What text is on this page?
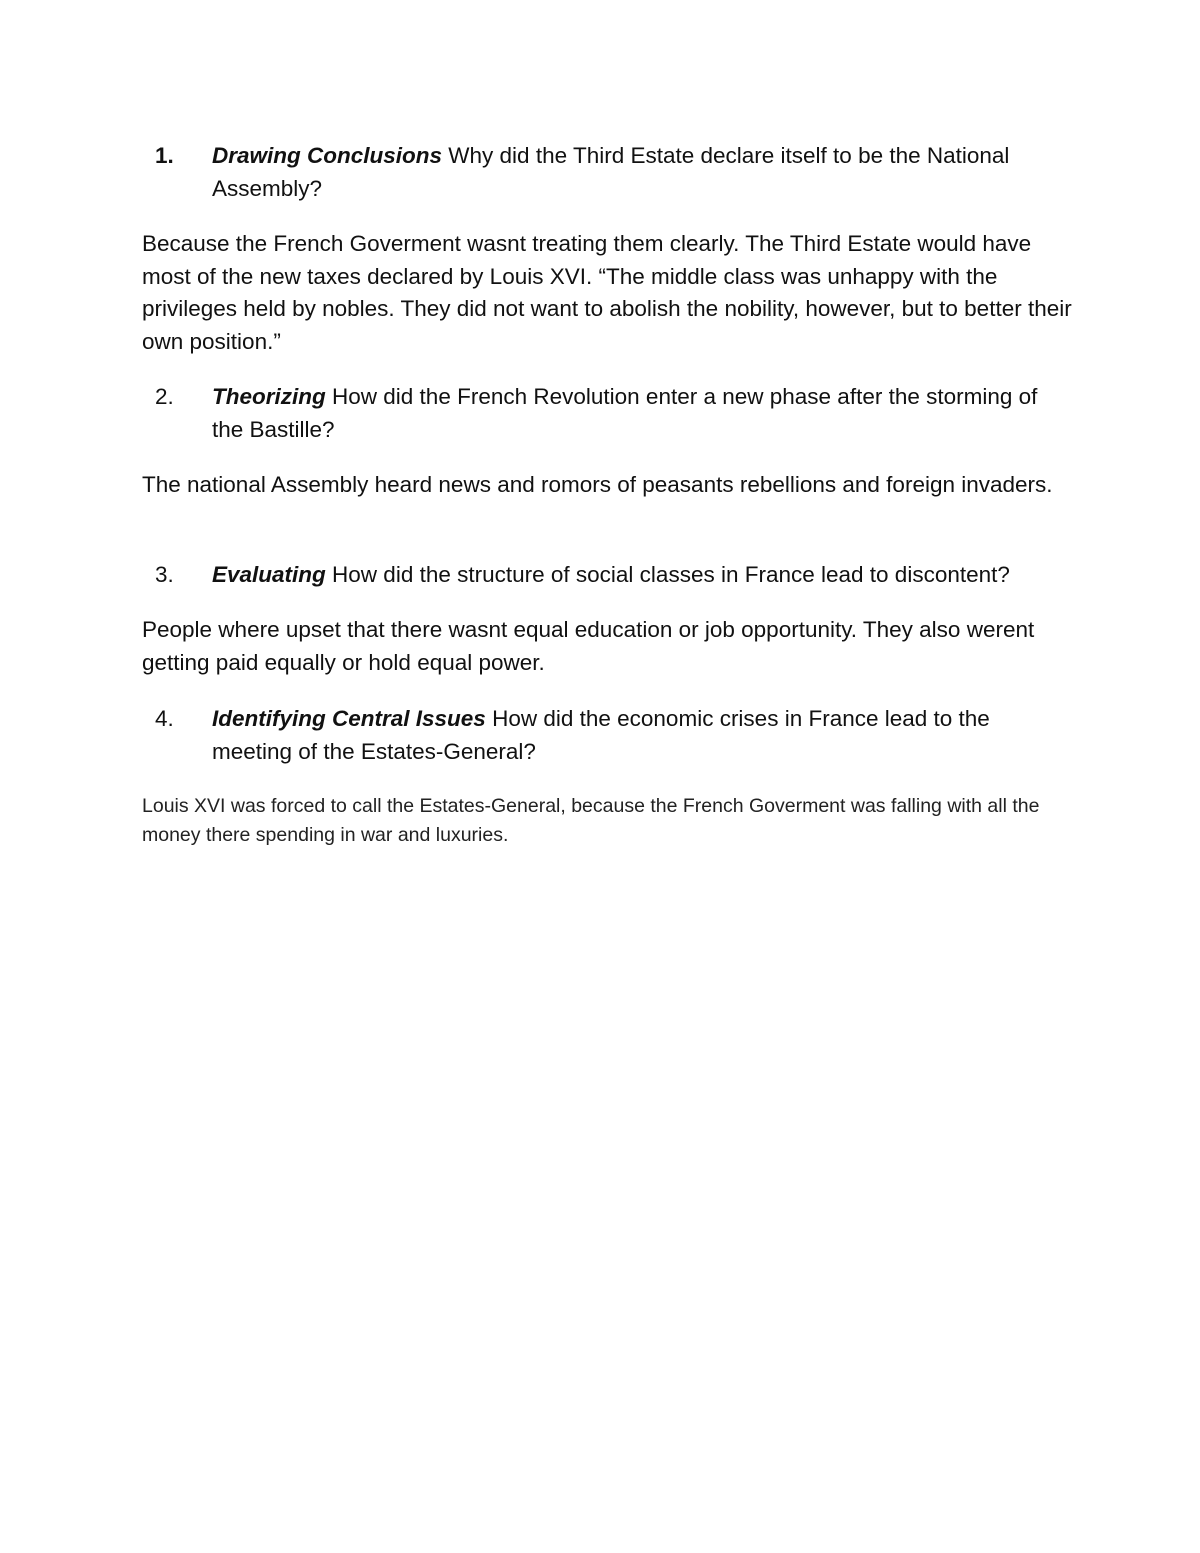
1. Drawing Conclusions Why did the Third Estate declare itself to be the National Assembly?
Because the French Goverment wasnt treating them clearly. The Third Estate would have most of the new taxes declared by Louis XVI. “The middle class was unhappy with the privileges held by nobles. They did not want to abolish the nobility, however, but to better their own position.”
2. Theorizing How did the French Revolution enter a new phase after the storming of the Bastille?
The national Assembly heard news and romors of peasants rebellions and foreign invaders.
3. Evaluating How did the structure of social classes in France lead to discontent?
People where upset that there wasnt equal education or job opportunity. They also werent getting paid equally or hold equal power.
4. Identifying Central Issues How did the economic crises in France lead to the meeting of the Estates-General?
Louis XVI was forced to call the Estates-General, because the French Goverment was falling with all the money there spending in war and luxuries.
